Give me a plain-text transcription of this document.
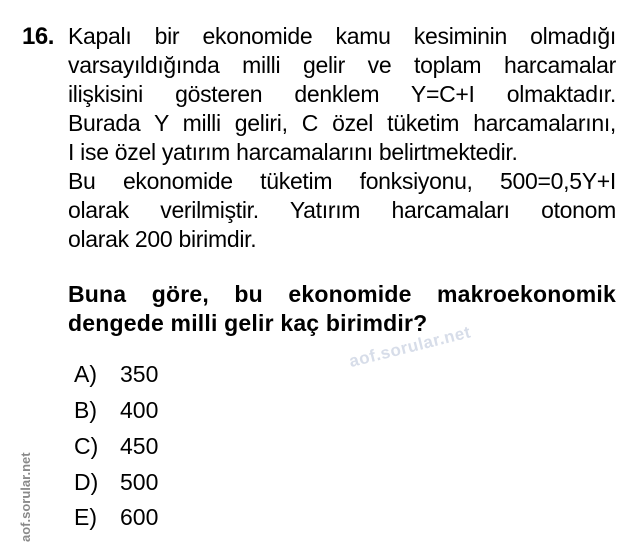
16. Kapalı bir ekonomide kamu kesiminin olmadığı
varsayıldığında milli gelir ve toplam harcamalar
ilişkisini gösteren denklem Y=C+I olmaktadır.
Burada Y milli geliri, C özel tüketim harcamalarını,
I ise özel yatırım harcamalarını belirtmektedir.
Bu ekonomide tüketim fonksiyonu, 500=0,5Y+I
olarak verilmiştir. Yatırım harcamaları otonom
olarak 200 birimdir.
Buna göre, bu ekonomide makroekonomik
dengede milli gelir kaç birimdir?
A)	350
B)	400
C) 450
D) 500
E)	600
aof.sorular.net
aof.sorular.net
